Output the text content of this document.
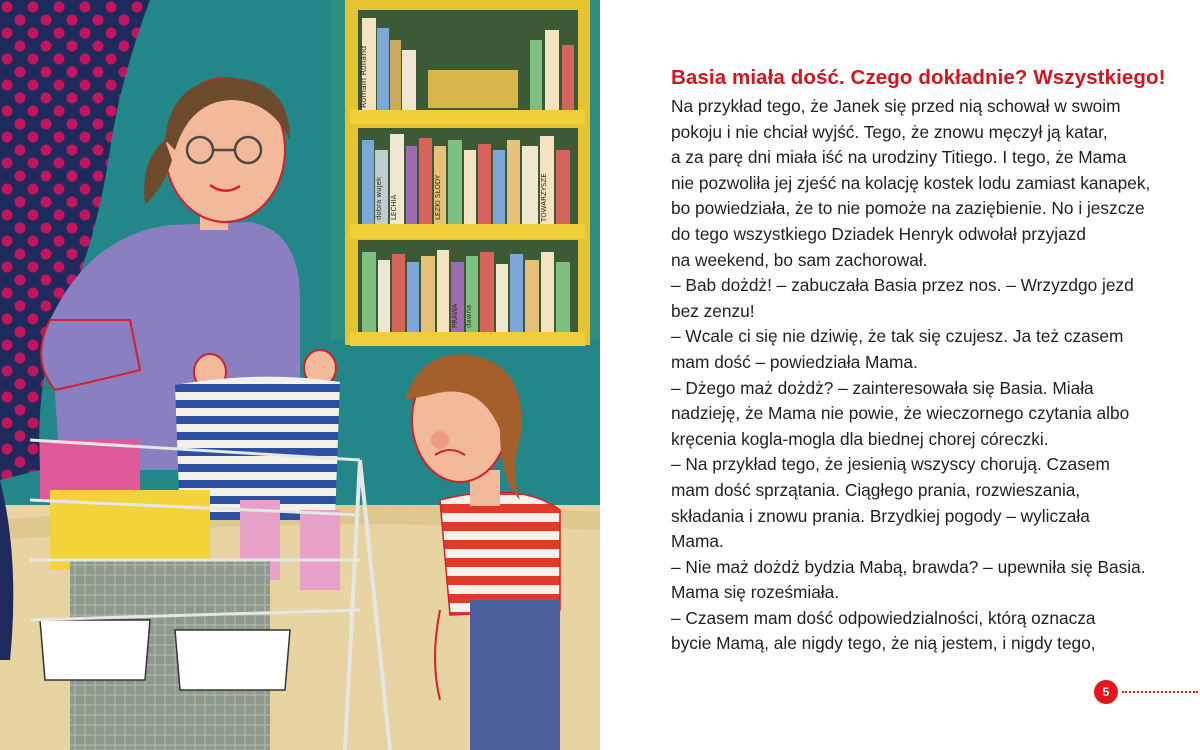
Romain Rolland
dobra wujek LECHIA	ŁEZKI SŁODY	TOWARZYSZE
PRAWA dawna
Basia miała dość. Czego dokładnie? Wszystkiego!
Na przykład tego, że Janek się przed nią schował w swoim
pokoju i nie chciał wyjść. Tego, że znowu męczył ją katar,
a za parę dni miała iść na urodziny Titiego. I tego, że Mama
nie pozwoliła jej zjeść na kolację kostek lodu zamiast kanapek,
bo powiedziała, że to nie pomoże na zaziębienie. No i jeszcze
do tego wszystkiego Dziadek Henryk odwołał przyjazd
na weekend, bo sam zachorował.
– Bab dożdż! – zabuczała Basia przez nos. – Wrzyzdgo jezd
bez zenzu!
– Wcale ci się nie dziwię, że tak się czujesz. Ja też czasem
mam dość – powiedziała Mama.
– Dżego maż dożdż? – zainteresowała się Basia. Miała
nadzieję, że Mama nie powie, że wieczornego czytania albo
kręcenia kogla-mogla dla biednej chorej córeczki.
– Na przykład tego, że jesienią wszyscy chorują. Czasem
mam dość sprzątania. Ciągłego prania, rozwieszania,
składania i znowu prania. Brzydkiej pogody – wyliczała
Mama.
– Nie maż dożdż bydzia Mabą, brawda? – upewniła się Basia.
Mama się roześmiała.
– Czasem mam dość odpowiedzialności, którą oznacza
bycie Mamą, ale nigdy tego, że nią jestem, i nigdy tego,
5
